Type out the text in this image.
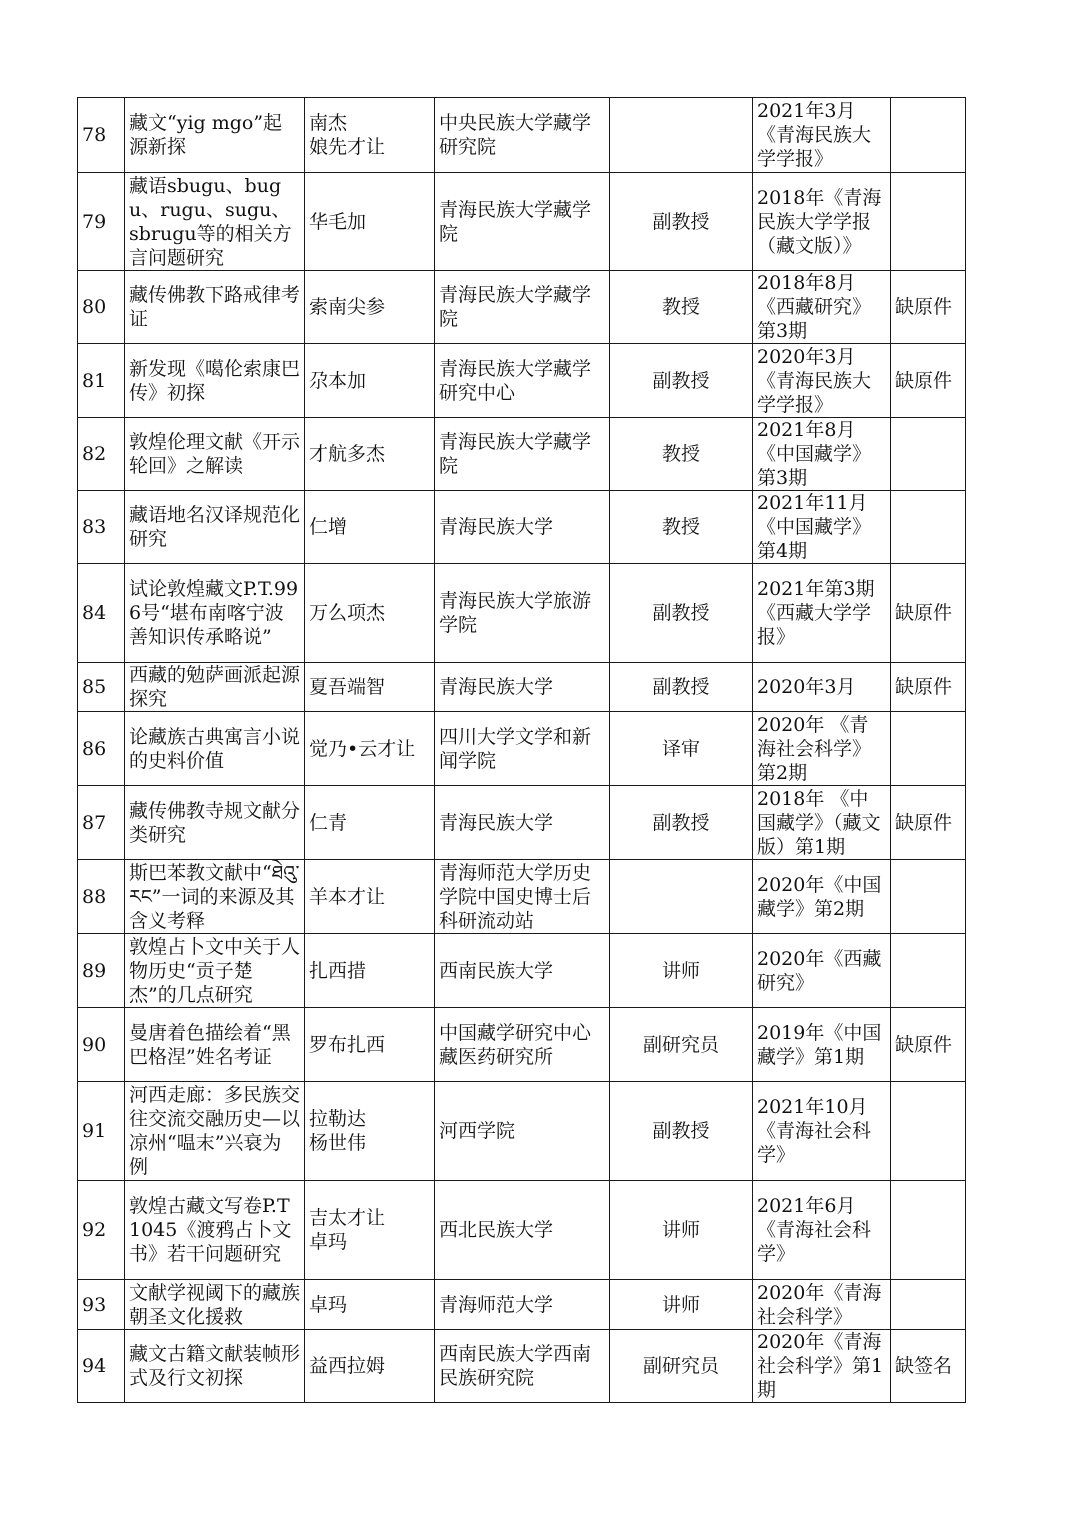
78	藏文“yig mgo”起源新探	南杰
娘先才让	中央民族大学藏学研究院		2021年3月《青海民族大学学报》	
79	藏语sbugu、bugu、rugu、sugu、sbrugu等的相关方言问题研究	华毛加	青海民族大学藏学院	副教授	2018年《青海民族大学学报（藏文版）》	
80	藏传佛教下路戒律考证	索南尖参	青海民族大学藏学院	教授	2018年8月《西藏研究》第3期	缺原件
81	新发现《噶伦索康巴传》初探	尕本加	青海民族大学藏学研究中心	副教授	2020年3月《青海民族大学学报》	缺原件
82	敦煌伦理文献《开示轮回》之解读	才航多杰	青海民族大学藏学院	教授	2021年8月《中国藏学》第3期	
83	藏语地名汉译规范化研究	仁增	青海民族大学	教授	2021年11月《中国藏学》第4期	
84	试论敦煌藏文P.T.996号“堪布南喀宁波善知识传承略说”	万么项杰	青海民族大学旅游学院	副教授	2021年第3期《西藏大学学报》	缺原件
85	西藏的勉萨画派起源探究	夏吾端智	青海民族大学	副教授	2020年3月	缺原件
86	论藏族古典寓言小说的史料价值	觉乃•云才让	四川大学文学和新闻学院	译审	2020年 《青海社会科学》第2期	
87	藏传佛教寺规文献分类研究	仁青	青海民族大学	副教授	2018年 《中国藏学》（藏文版）第1期	缺原件
88	斯巴苯教文献中“ཐེའུ་རང”一词的来源及其含义考释	羊本才让	青海师范大学历史学院中国史博士后科研流动站		2020年《中国藏学》第2期	
89	敦煌占卜文中关于人物历史“贡子楚杰”的几点研究	扎西措	西南民族大学	讲师	2020年《西藏研究》	
90	曼唐着色描绘着“黑巴格涅”姓名考证	罗布扎西	中国藏学研究中心藏医药研究所	副研究员	2019年《中国藏学》第1期	缺原件
91	河西走廊：多民族交往交流交融历史—以凉州“嗢末”兴衰为例	拉勒达
杨世伟	河西学院	副教授	2021年10月《青海社会科学》	
92	敦煌古藏文写卷P.T1045《渡鸦占卜文书》若干问题研究	吉太才让
卓玛	西北民族大学	讲师	2021年6月《青海社会科学》	
93	文献学视阈下的藏族朝圣文化援救	卓玛	青海师范大学	讲师	2020年《青海社会科学》	
94	藏文古籍文献装帧形式及行文初探	益西拉姆	西南民族大学西南民族研究院	副研究员	2020年《青海社会科学》第1期	缺签名
